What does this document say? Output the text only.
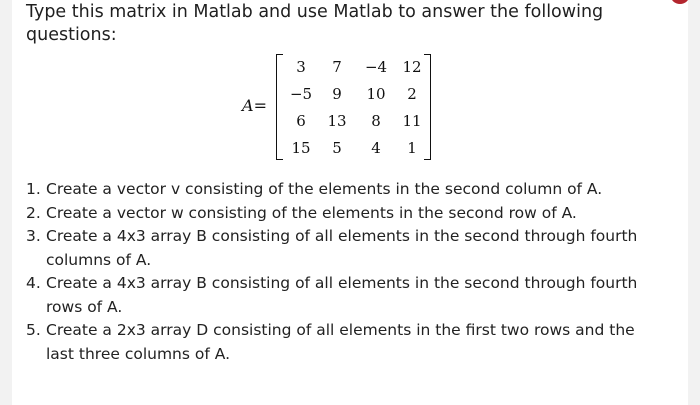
Type this matrix in Matlab and use Matlab to answer the following questions:
A=
3	7	−4	12
−5	9	10	2
6	13	8	11
15	5	4	1
1. Create a vector v consisting of the elements in the second column of A.
2. Create a vector w consisting of the elements in the second row of A.
3. Create a 4x3 array B consisting of all elements in the second through fourth columns of A.
4. Create a 4x3 array B consisting of all elements in the second through fourth rows of A.
5. Create a 2x3 array D consisting of all elements in the first two rows and the last three columns of A.
